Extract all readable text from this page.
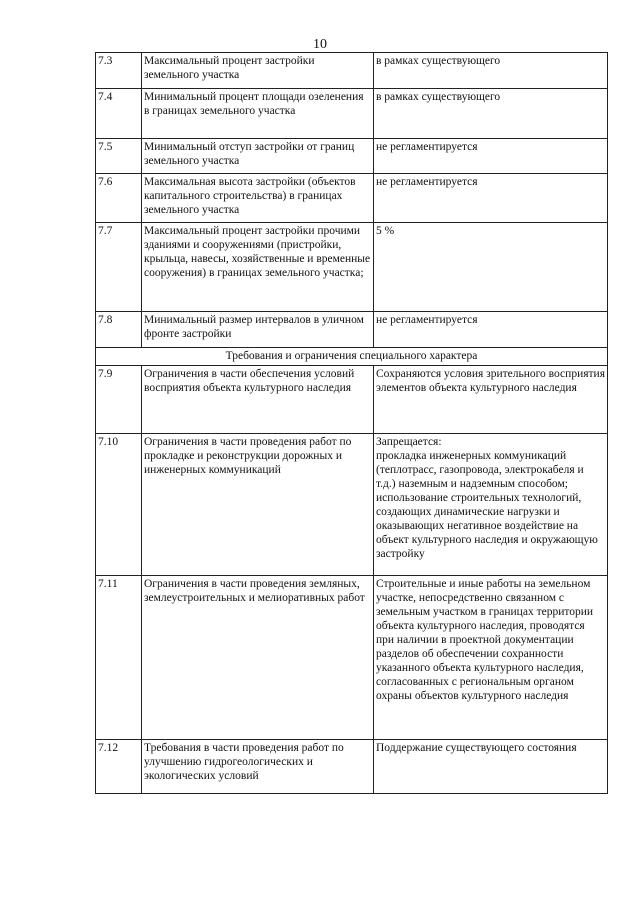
10
7.3	Максимальный процент застройки земельного участка	в рамках существующего
7.4	Минимальный процент площади озеленения в границах земельного участка	в рамках существующего
7.5	Минимальный отступ застройки от границ земельного участка	не регламентируется
7.6	Максимальная высота застройки (объектов капитального строительства) в границах земельного участка	не регламентируется
7.7	Максимальный процент застройки прочими зданиями и сооружениями (пристройки, крыльца, навесы, хозяйственные и временные сооружения) в границах земельного участка;	5 %
7.8	Минимальный размер интервалов в уличном фронте застройки	не регламентируется
Требования и ограничения специального характера		
7.9	Ограничения в части обеспечения условий восприятия объекта культурного наследия	Сохраняются условия зрительного восприятия элементов объекта культурного наследия
7.10	Ограничения в части проведения работ по прокладке и реконструкции дорожных и инженерных коммуникаций	Запрещается:
прокладка инженерных коммуникаций (теплотрасс, газопровода, электрокабеля и т.д.) наземным и надземным способом;
использование строительных технологий, создающих динамические нагрузки и оказывающих негативное воздействие на объект культурного наследия и окружающую застройку
7.11	Ограничения в части проведения земляных, землеустроительных и мелиоративных работ	Строительные и иные работы на земельном участке, непосредственно связанном с земельным участком в границах территории объекта культурного наследия, проводятся при наличии в проектной документации разделов об обеспечении сохранности указанного объекта культурного наследия, согласованных с региональным органом охраны объектов культурного наследия
7.12	Требования в части проведения работ по улучшению гидрогеологических и экологических условий	Поддержание существующего состояния
